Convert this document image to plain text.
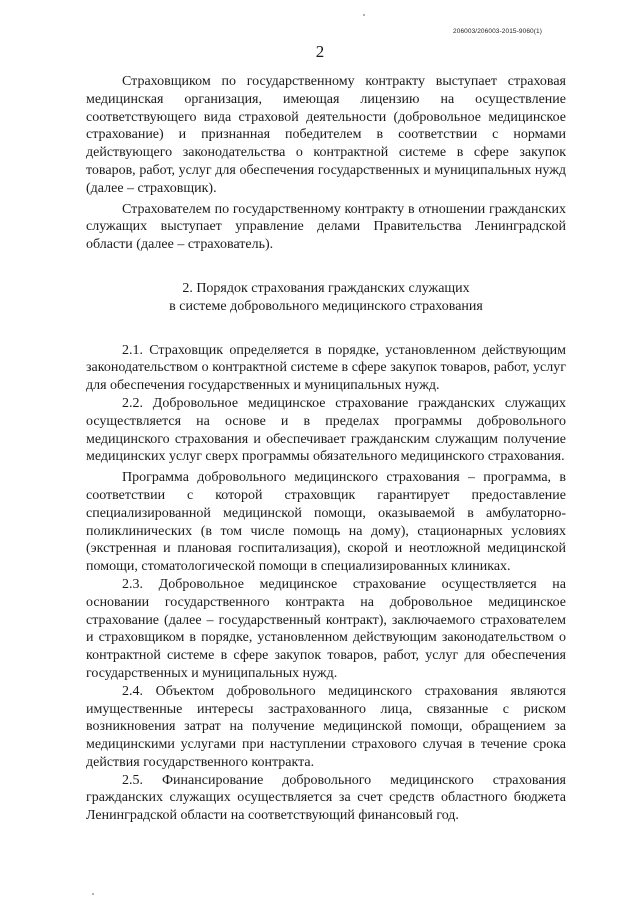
206003/206003-2015-9060(1)
2

Страховщиком по государственному контракту выступает страховая медицинская организация, имеющая лицензию на осуществление соответствующего вида страховой деятельности (добровольное медицинское страхование) и признанная победителем в соответствии с нормами действующего законодательства о контрактной системе в сфере закупок товаров, работ, услуг для обеспечения государственных и муниципальных нужд (далее – страховщик).

Страхователем по государственному контракту в отношении гражданских служащих выступает управление делами Правительства Ленинградской области (далее – страхователь).

2. Порядок страхования гражданских служащих
в системе добровольного медицинского страхования

2.1. Страховщик определяется в порядке, установленном действующим законодательством о контрактной системе в сфере закупок товаров, работ, услуг для обеспечения государственных и муниципальных нужд.

2.2. Добровольное медицинское страхование гражданских служащих осуществляется на основе и в пределах программы добровольного медицинского страхования и обеспечивает гражданским служащим получение медицинских услуг сверх программы обязательного медицинского страхования.

Программа добровольного медицинского страхования – программа, в соответствии с которой страховщик гарантирует предоставление специализированной медицинской помощи, оказываемой в амбулаторно-поликлинических (в том числе помощь на дому), стационарных условиях (экстренная и плановая госпитализация), скорой и неотложной медицинской помощи, стоматологической помощи в специализированных клиниках.

2.3. Добровольное медицинское страхование осуществляется на основании государственного контракта на добровольное медицинское страхование (далее – государственный контракт), заключаемого страхователем и страховщиком в порядке, установленном действующим законодательством о контрактной системе в сфере закупок товаров, работ, услуг для обеспечения государственных и муниципальных нужд.

2.4. Объектом добровольного медицинского страхования являются имущественные интересы застрахованного лица, связанные с риском возникновения затрат на получение медицинской помощи, обращением за медицинскими услугами при наступлении страхового случая в течение срока действия государственного контракта.

2.5. Финансирование добровольного медицинского страхования гражданских служащих осуществляется за счет средств областного бюджета Ленинградской области на соответствующий финансовый год.
